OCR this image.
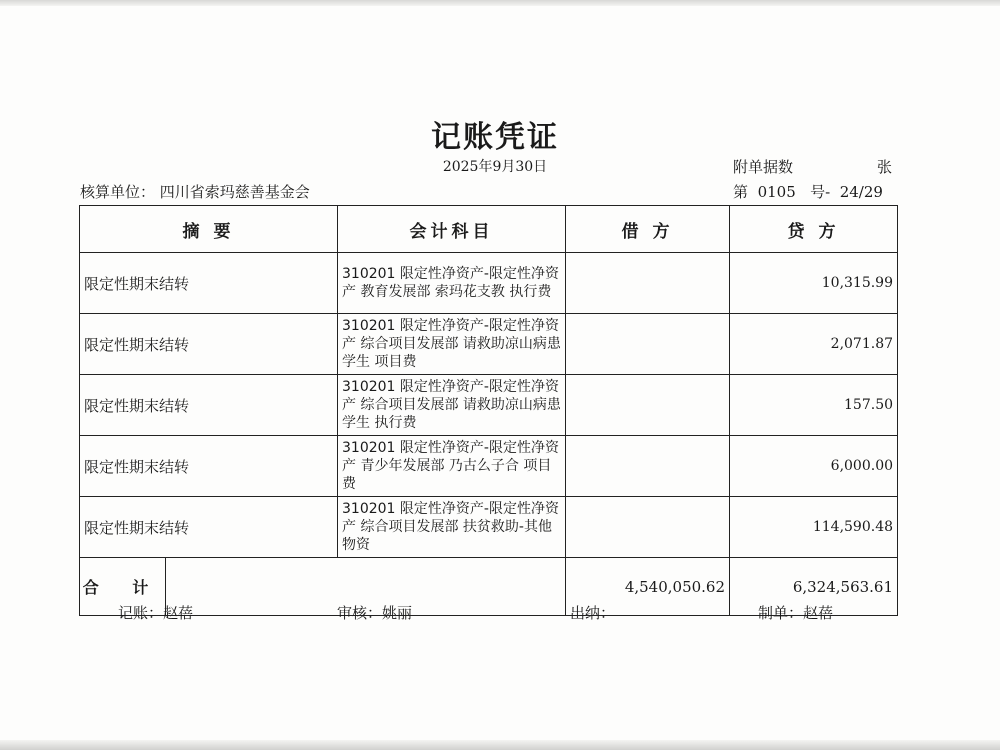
记账凭证
2025年9月30日	附单据数	张
核算单位： 四川省索玛慈善基金会	第 0105 号- 24/29
摘 要		会计科目	借 方	贷 方
限定性期末结转		310201 限定性净资产-限定性净资产 教育发展部 索玛花支教 执行费		10,315.99
限定性期末结转		310201 限定性净资产-限定性净资产 综合项目发展部 请救助凉山病患学生 项目费		2,071.87
限定性期末结转		310201 限定性净资产-限定性净资产 综合项目发展部 请救助凉山病患学生 执行费		157.50
限定性期末结转		310201 限定性净资产-限定性净资产 青少年发展部 乃古么子合 项目费		6,000.00
限定性期末结转		310201 限定性净资产-限定性净资产 综合项目发展部 扶贫救助-其他 物资		114,590.48
合 计			4,540,050.62	6,324,563.61
记账：赵蓓	审核：姚丽	出纳：	制单：赵蓓
